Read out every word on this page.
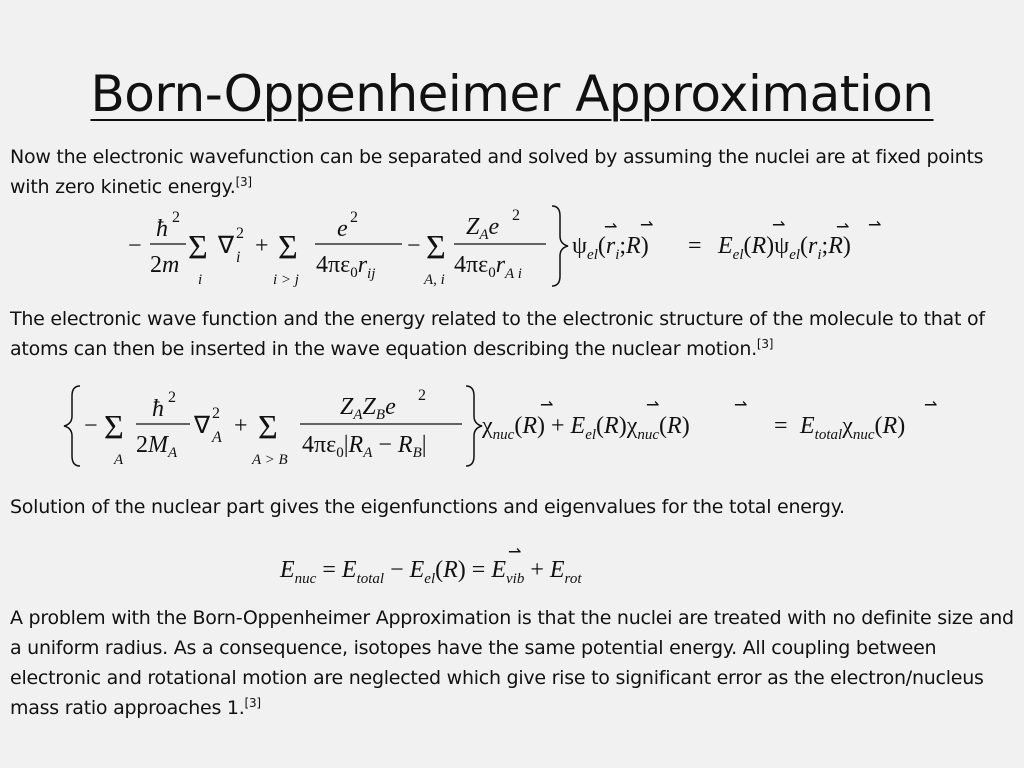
Born-Oppenheimer Approximation
Now the electronic wavefunction can be separated and solved by assuming the nuclei are at fixed points with zero kinetic energy.[3]
−
ħ 2
2m Σ
i
∇ 2
i + Σ
i > j
e 2
$4\pi\varepsilon_0r_{ij}$
− Σ
A, i
$Z_Ae$ 2
$4\pi\varepsilon_0r_{A i}$
$\psi_{el}(r_i;R)$
⇀ ⇀
= $E_{el}(R)\psi_{el}(r_i;R)$
⇀	⇀ ⇀
The electronic wave function and the energy related to the electronic structure of the molecule to that of atoms can then be inserted in the wave equation describing the nuclear motion.[3]
− Σ
A
ħ 2
$2M_A$
∇ 2
A + Σ
A > B
$Z_AZ_Be$ 2
$4\pi\varepsilon_0|R_A - R_B|$
$\chi_{nuc}(R) + E_{el}(R)\chi_{nuc}(R)$
⇀	⇀	⇀
= $E_{total}\chi_{nuc}(R)$
⇀
Solution of the nuclear part gives the eigenfunctions and eigenvalues for the total energy.
$E_{nuc} = E_{total} - E_{el}(R) = E_{vib} + E_{rot}$
⇀
A problem with the Born-Oppenheimer Approximation is that the nuclei are treated with no definite size and a uniform radius. As a consequence, isotopes have the same potential energy. All coupling between electronic and rotational motion are neglected which give rise to significant error as the electron/nucleus mass ratio approaches 1.[3]
